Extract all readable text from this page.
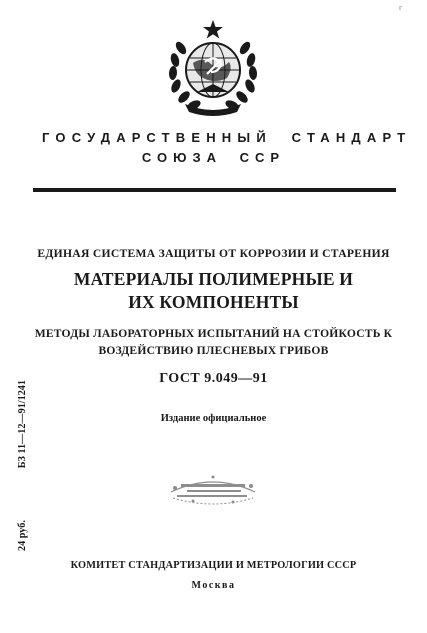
г
ГОСУДАРСТВЕННЫЙ СТАНДАРТ
СОЮЗА ССР
ЕДИНАЯ СИСТЕМА ЗАЩИТЫ ОТ КОРРОЗИИ И СТАРЕНИЯ
МАТЕРИАЛЫ ПОЛИМЕРНЫЕ И
ИХ КОМПОНЕНТЫ
МЕТОДЫ ЛАБОРАТОРНЫХ ИСПЫТАНИЙ НА СТОЙКОСТЬ К
ВОЗДЕЙСТВИЮ ПЛЕСНЕВЫХ ГРИБОВ
ГОСТ 9.049—91
Издание официальное
КОМИТЕТ СТАНДАРТИЗАЦИИ И МЕТРОЛОГИИ СССР
Москва
24 руб.
БЗ 11—12—91/1241
